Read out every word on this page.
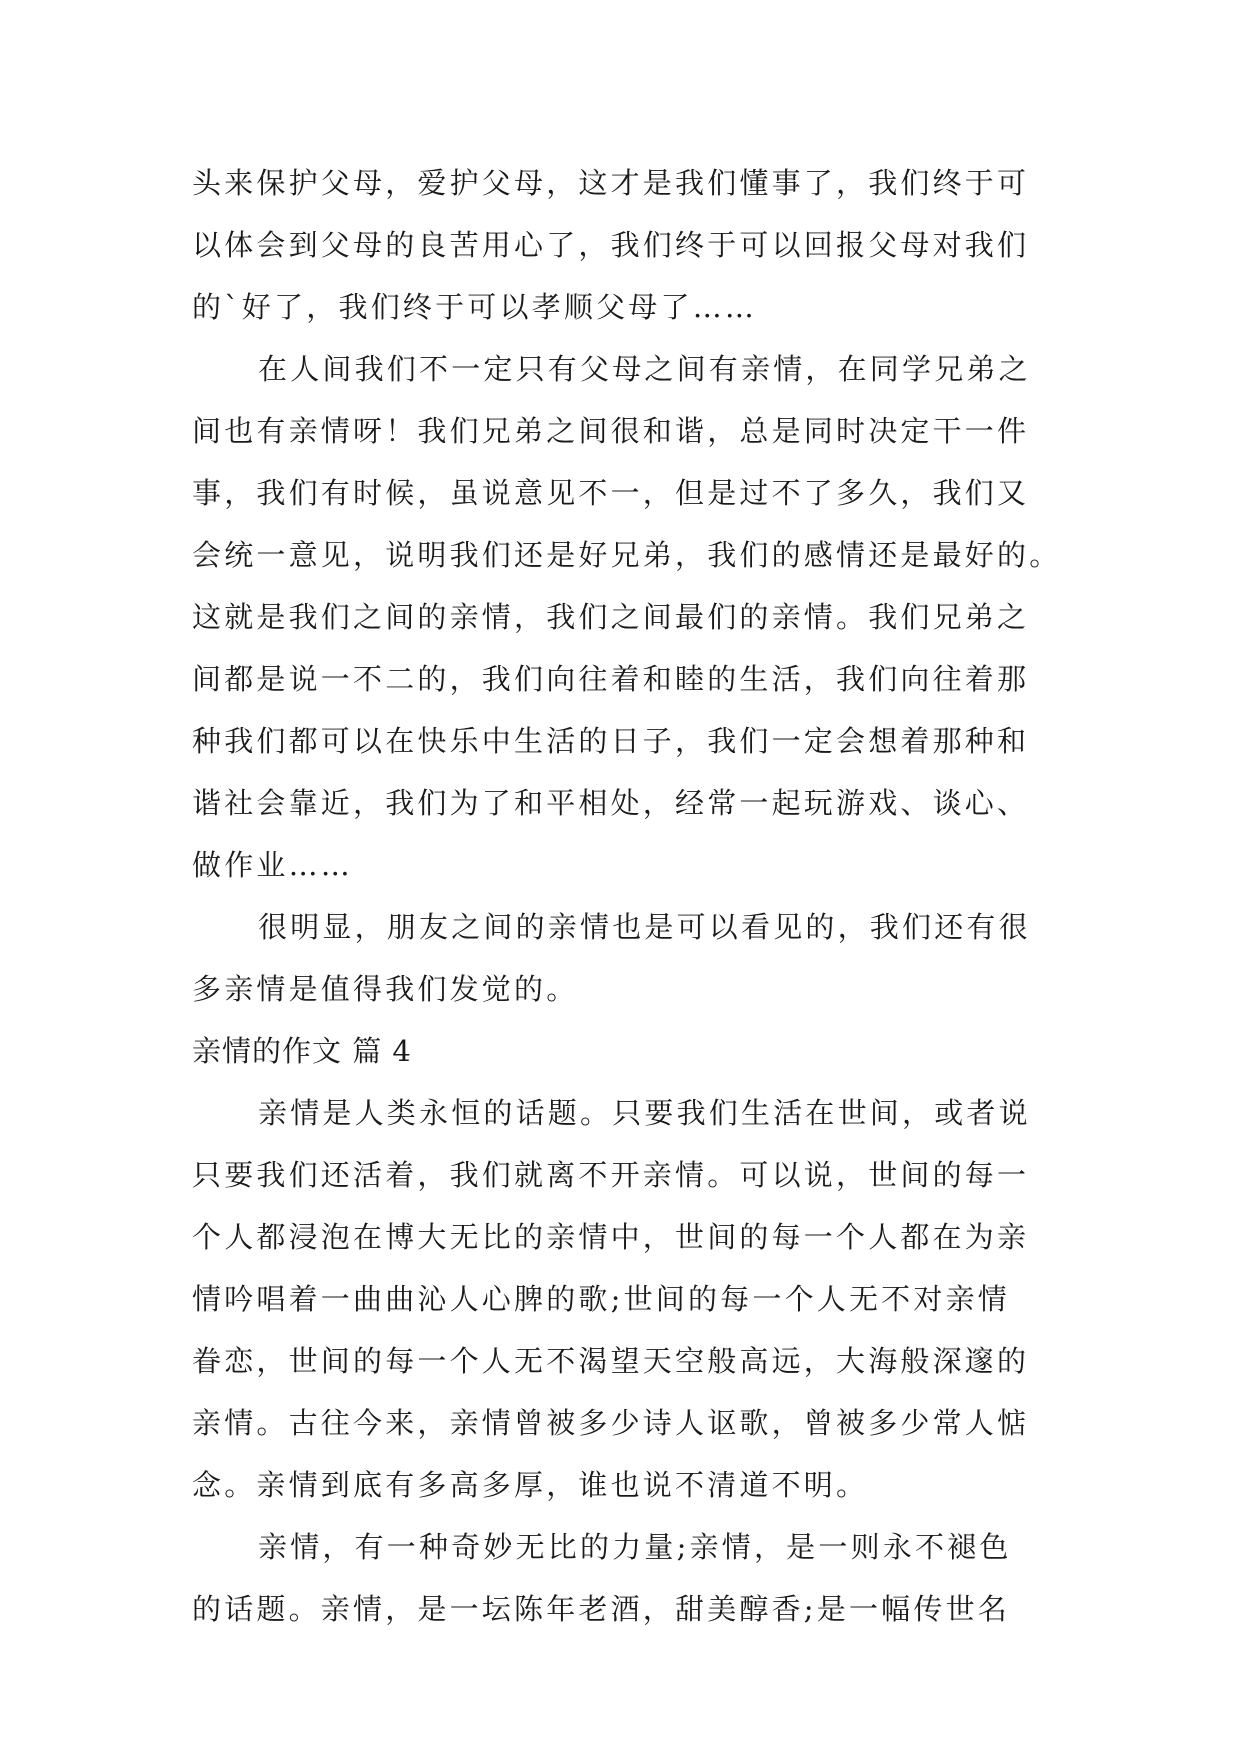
头来保护父母，爱护父母，这才是我们懂事了，我们终于可
以体会到父母的良苦用心了，我们终于可以回报父母对我们
的`好了，我们终于可以孝顺父母了……
在人间我们不一定只有父母之间有亲情，在同学兄弟之
间也有亲情呀！我们兄弟之间很和谐，总是同时决定干一件
事，我们有时候，虽说意见不一，但是过不了多久，我们又
会统一意见，说明我们还是好兄弟，我们的感情还是最好的。
这就是我们之间的亲情，我们之间最们的亲情。我们兄弟之
间都是说一不二的，我们向往着和睦的生活，我们向往着那
种我们都可以在快乐中生活的日子，我们一定会想着那种和
谐社会靠近，我们为了和平相处，经常一起玩游戏、谈心、
做作业……
很明显，朋友之间的亲情也是可以看见的，我们还有很
多亲情是值得我们发觉的。
亲情的作文 篇 4
亲情是人类永恒的话题。只要我们生活在世间，或者说
只要我们还活着，我们就离不开亲情。可以说，世间的每一
个人都浸泡在博大无比的亲情中，世间的每一个人都在为亲
情吟唱着一曲曲沁人心脾的歌;世间的每一个人无不对亲情
眷恋，世间的每一个人无不渴望天空般高远，大海般深邃的
亲情。古往今来，亲情曾被多少诗人讴歌，曾被多少常人惦
念。亲情到底有多高多厚，谁也说不清道不明。
亲情，有一种奇妙无比的力量;亲情，是一则永不褪色
的话题。亲情，是一坛陈年老酒，甜美醇香;是一幅传世名
